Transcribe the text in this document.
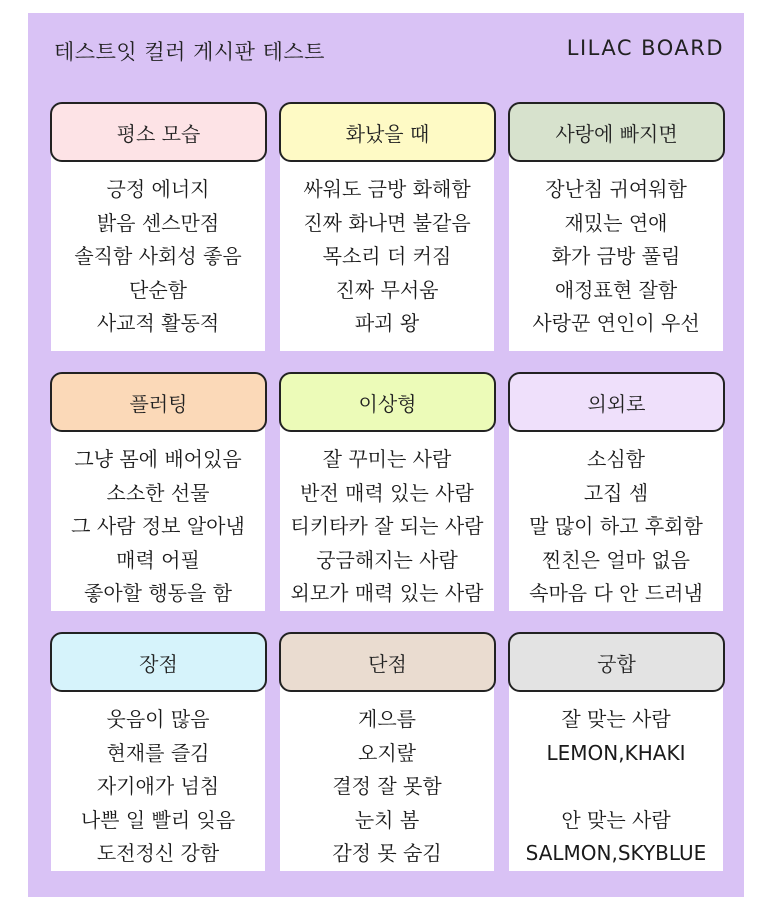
테스트잇 컬러 게시판 테스트	LILAC BOARD
평소 모습
긍정 에너지
밝음 센스만점
솔직함 사회성 좋음
단순함
사교적 활동적
화났을 때
싸워도 금방 화해함
진짜 화나면 불같음
목소리 더 커짐
진짜 무서움
파괴 왕
사랑에 빠지면
장난침 귀여워함
재밌는 연애
화가 금방 풀림
애정표현 잘함
사랑꾼 연인이 우선
플러팅
그냥 몸에 배어있음
소소한 선물
그 사람 정보 알아냄
매력 어필
좋아할 행동을 함
이상형
잘 꾸미는 사람
반전 매력 있는 사람
티키타카 잘 되는 사람
궁금해지는 사람
외모가 매력 있는 사람
의외로
소심함
고집 셈
말 많이 하고 후회함
찐친은 얼마 없음
속마음 다 안 드러냄
장점
웃음이 많음
현재를 즐김
자기애가 넘침
나쁜 일 빨리 잊음
도전정신 강함
단점
게으름
오지랖
결정 잘 못함
눈치 봄
감정 못 숨김
궁합
잘 맞는 사람
LEMON,KHAKI
안 맞는 사람
SALMON,SKYBLUE
